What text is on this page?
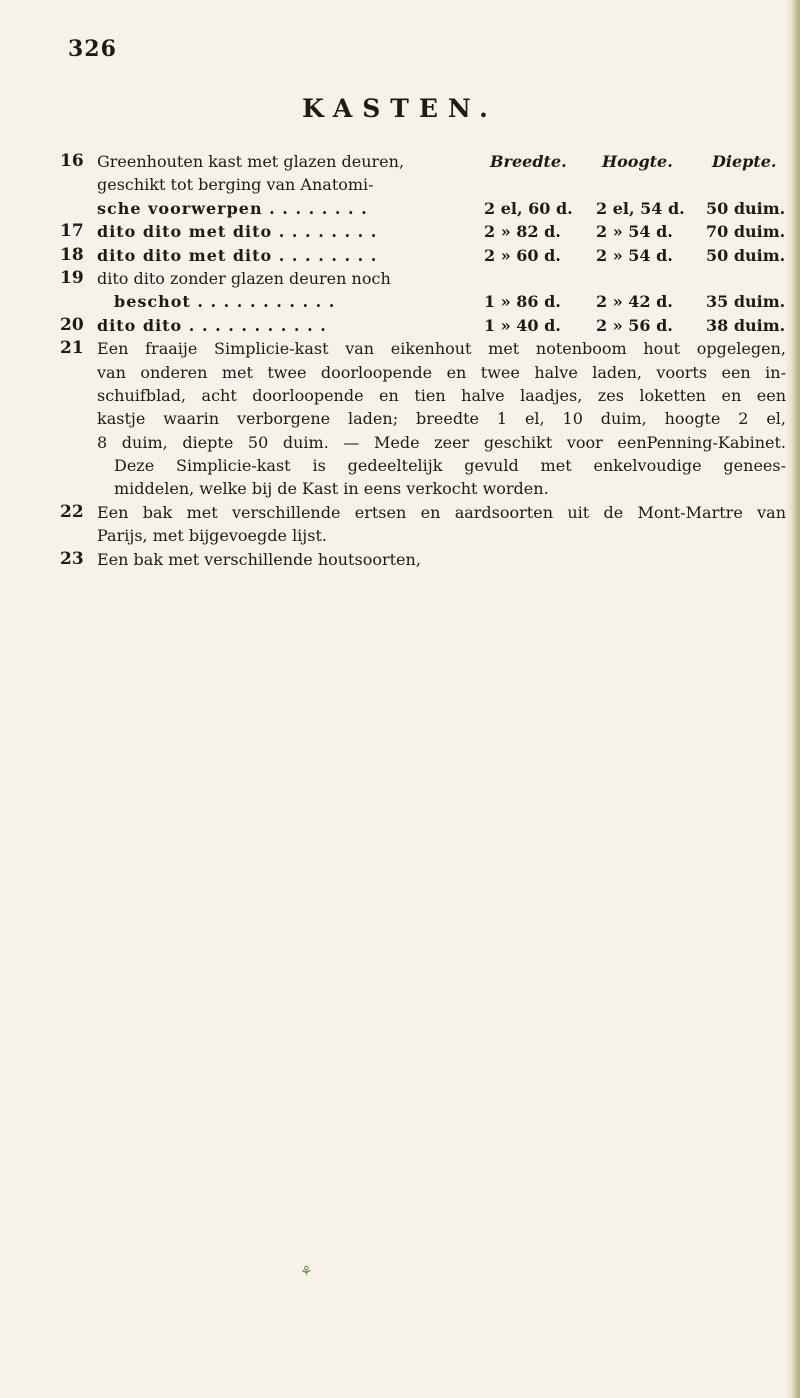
326
KASTEN.
16 Greenhouten kast met glazen deuren,	Breedte. Hoogte. Diepte.
geschikt tot berging van Anatomi-
sche voorwerpen . . . . . . . .	2 el, 60 d. 2 el, 54 d. 50 duim.
17 dito dito met dito . . . . . . . .	2 » 82 d. 2 » 54 d. 70 duim.
18 dito dito met dito . . . . . . . .	2 » 60 d. 2 » 54 d. 50 duim.
19 dito dito zonder glazen deuren noch
beschot . . . . . . . . . . .	1 » 86 d. 2 » 42 d. 35 duim.
20 dito dito . . . . . . . . . . .	1 » 40 d. 2 » 56 d. 38 duim.
21 Een fraaije Simplicie-kast van eikenhout met notenboom hout opgelegen,
van onderen met twee doorloopende en twee halve laden, voorts een in-
schuifblad, acht doorloopende en tien halve laadjes, zes loketten en een
kastje waarin verborgene laden; breedte 1 el, 10 duim, hoogte 2 el,
8 duim, diepte 50 duim. — Mede zeer geschikt voor eenPenning-Kabinet.
Deze Simplicie-kast is gedeeltelijk gevuld met enkelvoudige genees-
middelen, welke bij de Kast in eens verkocht worden.
22 Een bak met verschillende ertsen en aardsoorten uit de Mont-Martre van
Parijs, met bijgevoegde lijst.
23 Een bak met verschillende houtsoorten,
⚘
